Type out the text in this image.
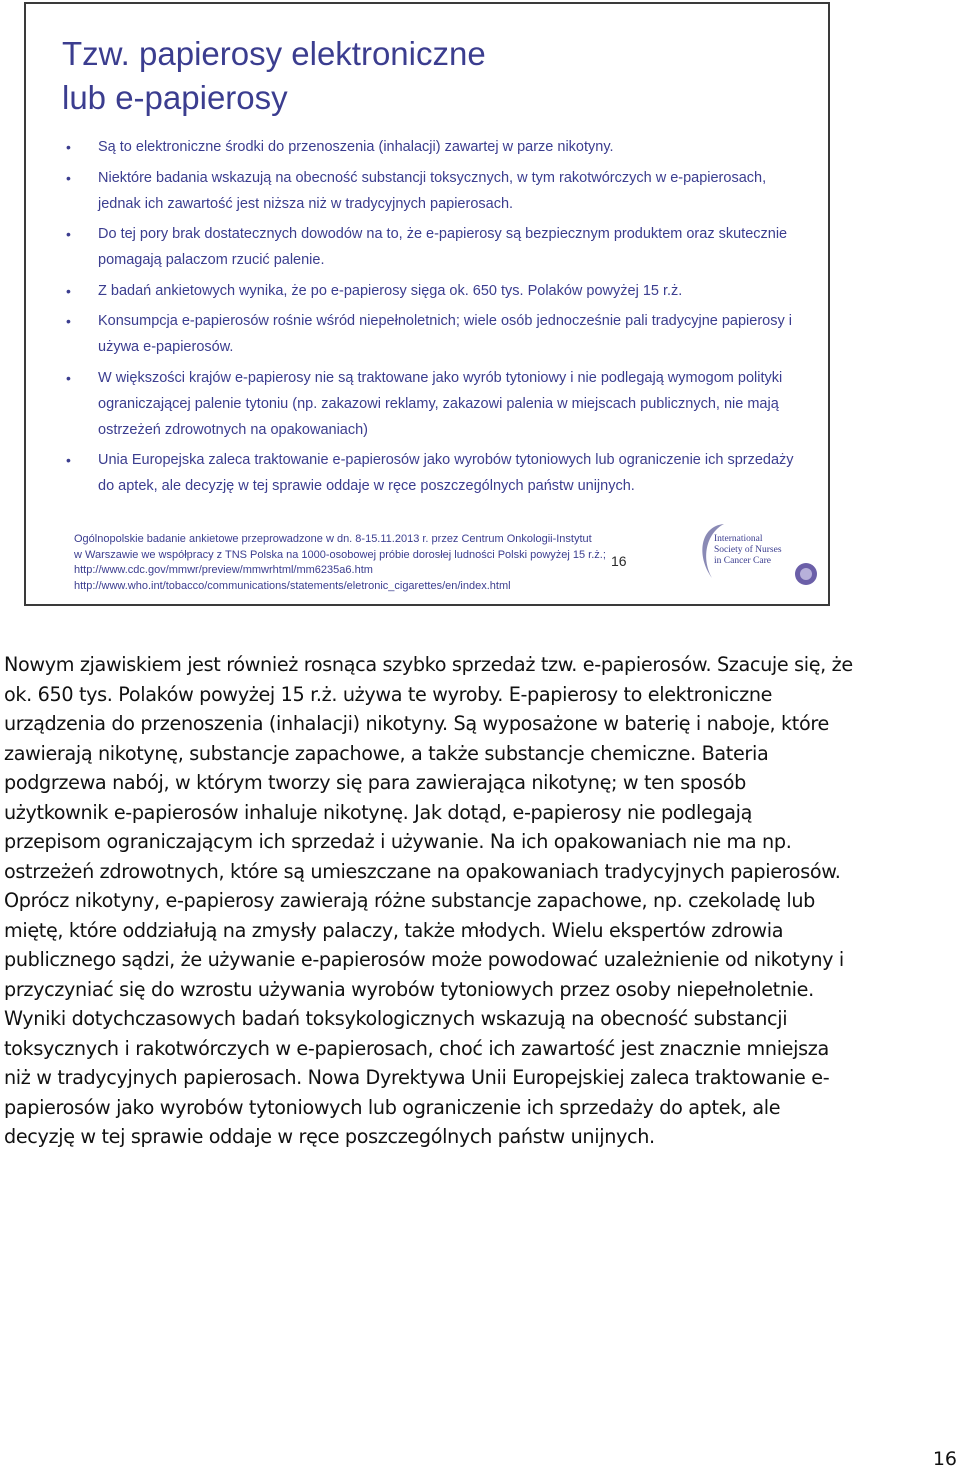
Tzw. papierosy elektroniczne
lub e-papierosy
• Są to elektroniczne środki do przenoszenia (inhalacji) zawartej w parze nikotyny.
• Niektóre badania wskazują na obecność substancji toksycznych, w tym rakotwórczych w e-papierosach, jednak ich zawartość jest niższa niż w tradycyjnych papierosach.
• Do tej pory brak dostatecznych dowodów na to, że e-papierosy są bezpiecznym produktem oraz skutecznie pomagają palaczom rzucić palenie.
• Z badań ankietowych wynika, że po e-papierosy sięga ok. 650 tys. Polaków powyżej 15 r.ż.
• Konsumpcja e-papierosów rośnie wśród niepełnoletnich; wiele osób jednocześnie pali tradycyjne papierosy i używa e-papierosów.
• W większości krajów e-papierosy nie są traktowane jako wyrób tytoniowy i nie podlegają wymogom polityki ograniczającej palenie tytoniu (np. zakazowi reklamy, zakazowi palenia w miejscach publicznych, nie mają ostrzeżeń zdrowotnych na opakowaniach)
• Unia Europejska zaleca traktowanie e-papierosów jako wyrobów tytoniowych lub ograniczenie ich sprzedaży do aptek, ale decyzję w tej sprawie oddaje w ręce poszczególnych państw unijnych.
Ogólnopolskie badanie ankietowe przeprowadzone w dn. 8-15.11.2013 r. przez Centrum Onkologii-Instytut
w Warszawie we współpracy z TNS Polska na 1000-osobowej próbie dorosłej ludności Polski powyżej 15 r.ż.;
http://www.cdc.gov/mmwr/preview/mmwrhtml/mm6235a6.htm
http://www.who.int/tobacco/communications/statements/eletronic_cigarettes/en/index.html
16
International
Society of Nurses
in Cancer Care

Nowym zjawiskiem jest również rosnąca szybko sprzedaż tzw. e-papierosów. Szacuje się, że ok. 650 tys. Polaków powyżej 15 r.ż. używa te wyroby. E-papierosy to elektroniczne urządzenia do przenoszenia (inhalacji) nikotyny. Są wyposażone w baterię i naboje, które zawierają nikotynę, substancje zapachowe, a także substancje chemiczne. Bateria podgrzewa nabój, w którym tworzy się para zawierająca nikotynę; w ten sposób użytkownik e-papierosów inhaluje nikotynę. Jak dotąd, e-papierosy nie podlegają przepisom ograniczającym ich sprzedaż i używanie. Na ich opakowaniach nie ma np. ostrzeżeń zdrowotnych, które są umieszczane na opakowaniach tradycyjnych papierosów. Oprócz nikotyny, e-papierosy zawierają różne substancje zapachowe, np. czekoladę lub miętę, które oddziałują na zmysły palaczy, także młodych. Wielu ekspertów zdrowia publicznego sądzi, że używanie e-papierosów może powodować uzależnienie od nikotyny i przyczyniać się do wzrostu używania wyrobów tytoniowych przez osoby niepełnoletnie. Wyniki dotychczasowych badań toksykologicznych wskazują na obecność substancji toksycznych i rakotwórczych w e-papierosach, choć ich zawartość jest znacznie mniejsza niż w tradycyjnych papierosach. Nowa Dyrektywa Unii Europejskiej zaleca traktowanie e-papierosów jako wyrobów tytoniowych lub ograniczenie ich sprzedaży do aptek, ale decyzję w tej sprawie oddaje w ręce poszczególnych państw unijnych.

16
